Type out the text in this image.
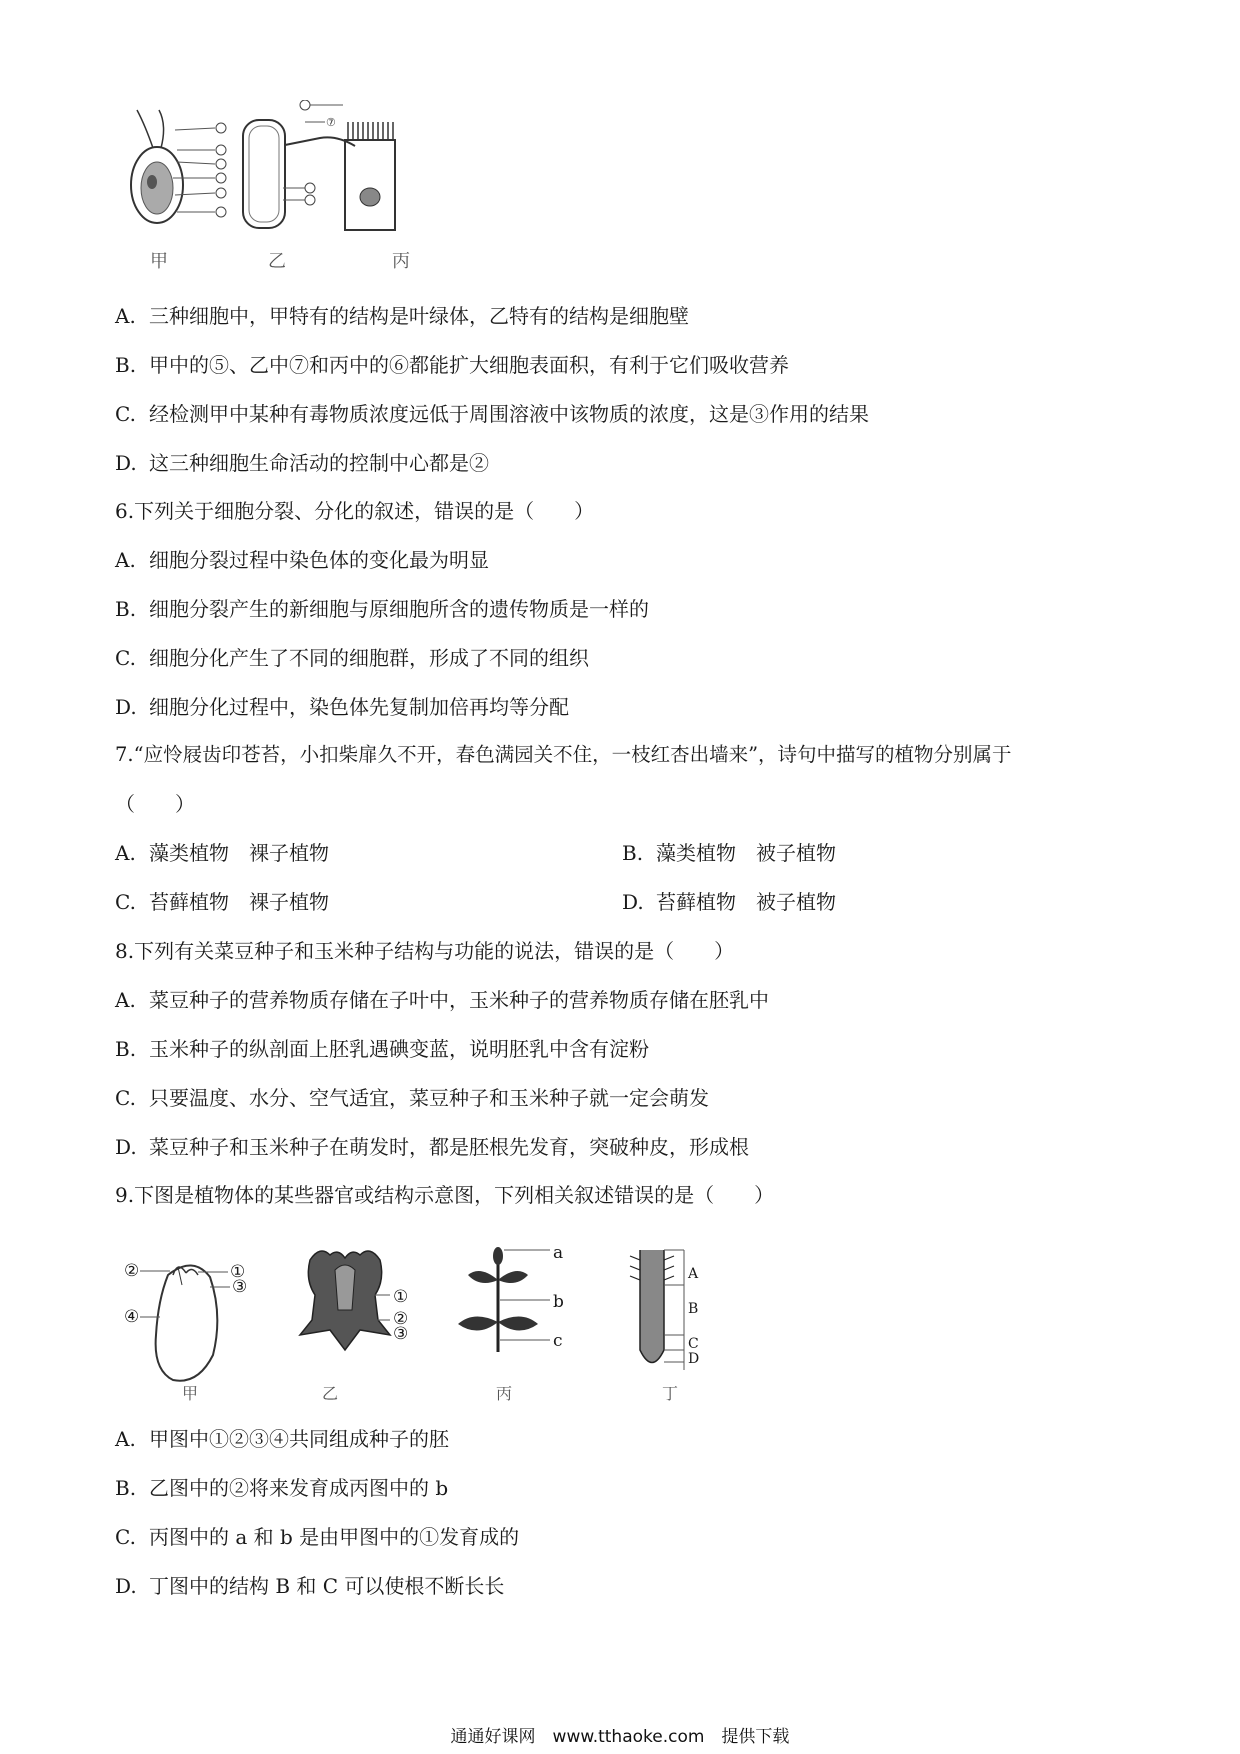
⑦
甲	乙	丙
A. 三种细胞中，甲特有的结构是叶绿体，乙特有的结构是细胞壁
B. 甲中的⑤、乙中⑦和丙中的⑥都能扩大细胞表面积，有利于它们吸收营养
C. 经检测甲中某种有毒物质浓度远低于周围溶液中该物质的浓度，这是③作用的结果
D. 这三种细胞生命活动的控制中心都是②
6.下列关于细胞分裂、分化的叙述，错误的是（　　）
A. 细胞分裂过程中染色体的变化最为明显
B. 细胞分裂产生的新细胞与原细胞所含的遗传物质是一样的
C. 细胞分化产生了不同的细胞群，形成了不同的组织
D. 细胞分化过程中，染色体先复制加倍再均等分配
7.“应怜屐齿印苍苔，小扣柴扉久不开，春色满园关不住，一枝红杏出墙来”，诗句中描写的植物分别属于
（　　）
A. 藻类植物　裸子植物	B. 藻类植物　被子植物
C. 苔藓植物　裸子植物	D. 苔藓植物　被子植物
8.下列有关菜豆种子和玉米种子结构与功能的说法，错误的是（　　）
A. 菜豆种子的营养物质存储在子叶中，玉米种子的营养物质存储在胚乳中
B. 玉米种子的纵剖面上胚乳遇碘变蓝，说明胚乳中含有淀粉
C. 只要温度、水分、空气适宜，菜豆种子和玉米种子就一定会萌发
D. 菜豆种子和玉米种子在萌发时，都是胚根先发育，突破种皮，形成根
9.下图是植物体的某些器官或结构示意图，下列相关叙述错误的是（　　）
②	①
③
④
①
②
③
a
b
c
A
B
C
D
甲	乙	丙	丁
A. 甲图中①②③④共同组成种子的胚
B. 乙图中的②将来发育成丙图中的 b
C. 丙图中的 a 和 b 是由甲图中的①发育成的
D. 丁图中的结构 B 和 C 可以使根不断长长
通通好课网　www.tthaoke.com　提供下载
